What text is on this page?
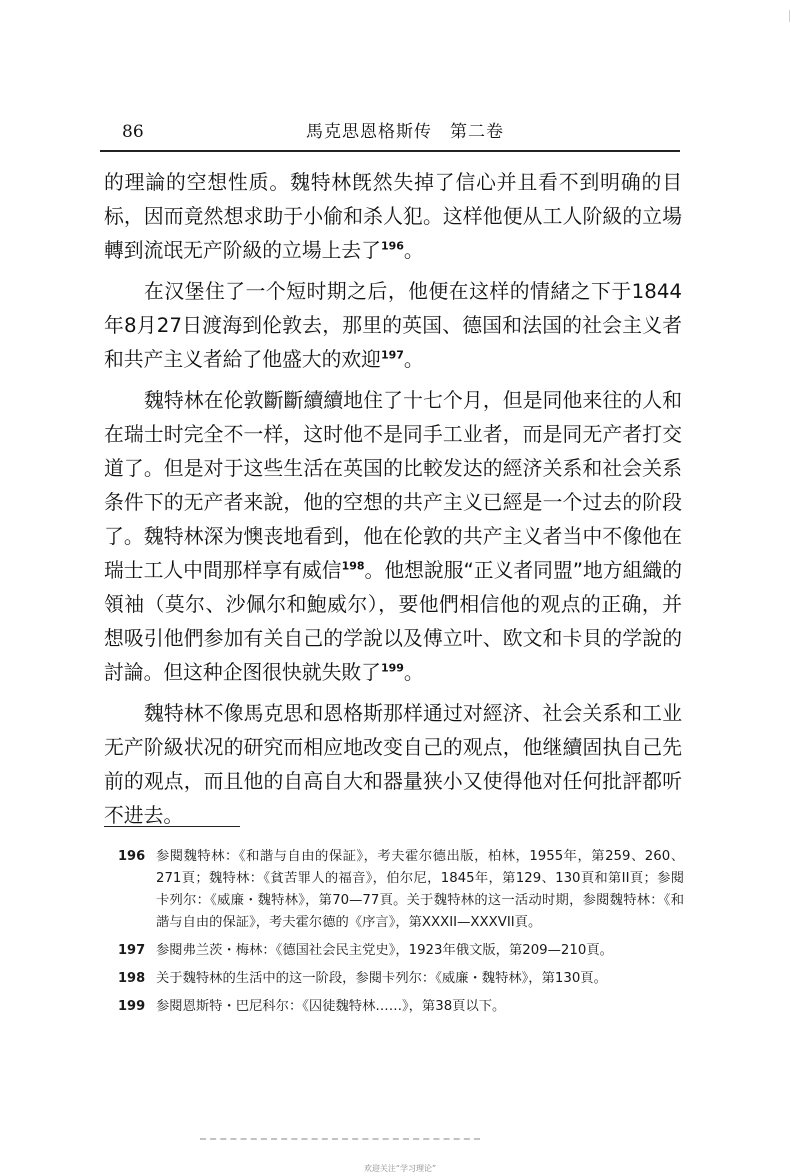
86	馬克思恩格斯传　第二卷

的理論的空想性质。魏特林旣然失掉了信心并且看不到明确的目标，因而竟然想求助于小偷和杀人犯。这样他便从工人阶級的立場轉到流氓无产阶級的立場上去了$^{196}$。

在汉堡住了一个短时期之后，他便在这样的情緒之下于1844年8月27日渡海到伦敦去，那里的英国、德国和法国的社会主义者和共产主义者給了他盛大的欢迎$^{197}$。

魏特林在伦敦斷斷續續地住了十七个月，但是同他来往的人和在瑞士时完全不一样，这时他不是同手工业者，而是同无产者打交道了。但是对于这些生活在英国的比較发达的經济关系和社会关系条件下的无产者来說，他的空想的共产主义已經是一个过去的阶段了。魏特林深为懊丧地看到，他在伦敦的共产主义者当中不像他在瑞士工人中間那样享有威信$^{198}$。他想說服“正义者同盟”地方組織的領袖（莫尔、沙佩尔和鮑威尔），要他們相信他的观点的正确，并想吸引他們参加有关自己的学說以及傅立叶、欧文和卡貝的学說的討論。但这种企图很快就失敗了$^{199}$。

魏特林不像馬克思和恩格斯那样通过对經济、社会关系和工业无产阶級状况的研究而相应地改变自己的观点，他继續固执自己先前的观点，而且他的自高自大和器量狭小又使得他对任何批評都听不进去。

196 参閱魏特林：《和諧与自由的保証》，考夫霍尔德出版，柏林，1955年，第259、260、271頁；魏特林：《貧苦罪人的福音》，伯尔尼，1845年，第129、130頁和第II頁；参閱卡列尔：《威廉・魏特林》，第70—77頁。关于魏特林的这一活动时期，参閱魏特林：《和諧与自由的保証》，考夫霍尔德的《序言》，第XXXII—XXXVII頁。
197 参閱弗兰茨・梅林：《德国社会民主党史》，1923年俄文版，第209—210頁。
198 关于魏特林的生活中的这一阶段，参閱卡列尔：《威廉・魏特林》，第130頁。
199 参閱恩斯特・巴尼科尔：《囚徒魏特林……》，第38頁以下。
欢迎关注“学习理论”
